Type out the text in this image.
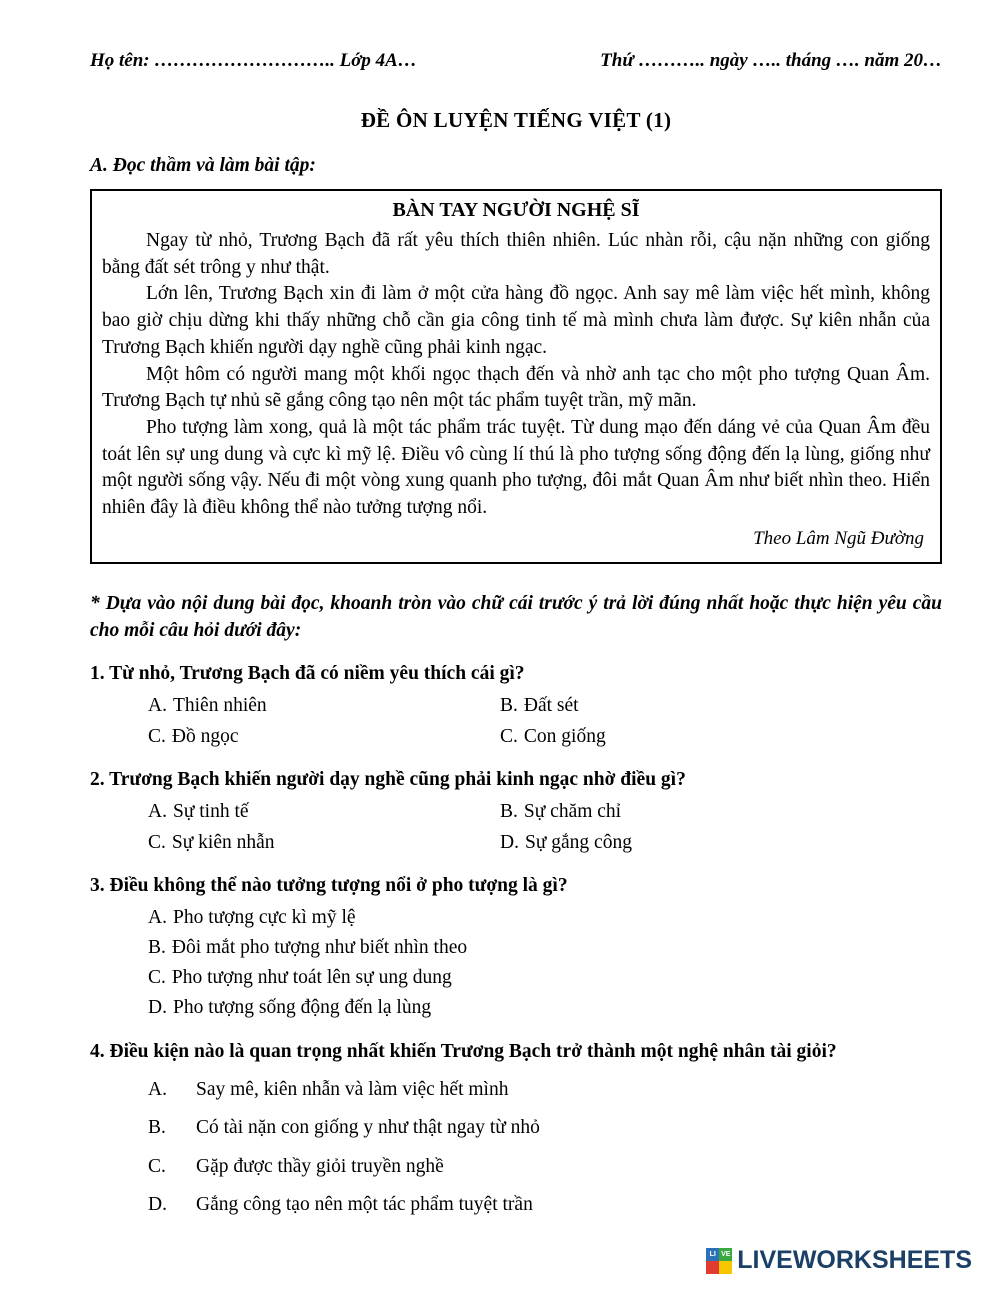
Họ tên: ……………………….. Lớp 4A…	Thứ ……….. ngày ….. tháng …. năm 20…
ĐỀ ÔN LUYỆN TIẾNG VIỆT (1)
A. Đọc thầm và làm bài tập:
BÀN TAY NGƯỜI NGHỆ SĨ

Ngay từ nhỏ, Trương Bạch đã rất yêu thích thiên nhiên. Lúc nhàn rỗi, cậu nặn những con giống bằng đất sét trông y như thật.

Lớn lên, Trương Bạch xin đi làm ở một cửa hàng đồ ngọc. Anh say mê làm việc hết mình, không bao giờ chịu dừng khi thấy những chỗ cần gia công tinh tế mà mình chưa làm được. Sự kiên nhẫn của Trương Bạch khiến người dạy nghề cũng phải kinh ngạc.

Một hôm có người mang một khối ngọc thạch đến và nhờ anh tạc cho một pho tượng Quan Âm. Trương Bạch tự nhủ sẽ gắng công tạo nên một tác phẩm tuyệt trần, mỹ mãn.

Pho tượng làm xong, quả là một tác phẩm trác tuyệt. Từ dung mạo đến dáng vẻ của Quan Âm đều toát lên sự ung dung và cực kì mỹ lệ. Điều vô cùng lí thú là pho tượng sống động đến lạ lùng, giống như một người sống vậy. Nếu đi một vòng xung quanh pho tượng, đôi mắt Quan Âm như biết nhìn theo. Hiển nhiên đây là điều không thể nào tưởng tượng nổi.

Theo Lâm Ngũ Đường
* Dựa vào nội dung bài đọc, khoanh tròn vào chữ cái trước ý trả lời đúng nhất hoặc thực hiện yêu cầu cho mỗi câu hỏi dưới đây:

1. Từ nhỏ, Trương Bạch đã có niềm yêu thích cái gì?

A. Thiên nhiên	B. Đất sét
C. Đồ ngọc	C. Con giống

2. Trương Bạch khiến người dạy nghề cũng phải kinh ngạc nhờ điều gì?

A. Sự tinh tế	B. Sự chăm chỉ
C. Sự kiên nhẫn	D. Sự gắng công

3. Điều không thể nào tưởng tượng nổi ở pho tượng là gì?

A. Pho tượng cực kì mỹ lệ
B. Đôi mắt pho tượng như biết nhìn theo
C. Pho tượng như toát lên sự ung dung
D. Pho tượng sống động đến lạ lùng

4. Điều kiện nào là quan trọng nhất khiến Trương Bạch trở thành một nghệ nhân tài giỏi?

A.	Say mê, kiên nhẫn và làm việc hết mình
B.	Có tài nặn con giống y như thật ngay từ nhỏ
C.	Gặp được thầy giỏi truyền nghề
D.	Gắng công tạo nên một tác phẩm tuyệt trần
LI VE LIVEWORKSHEETS
